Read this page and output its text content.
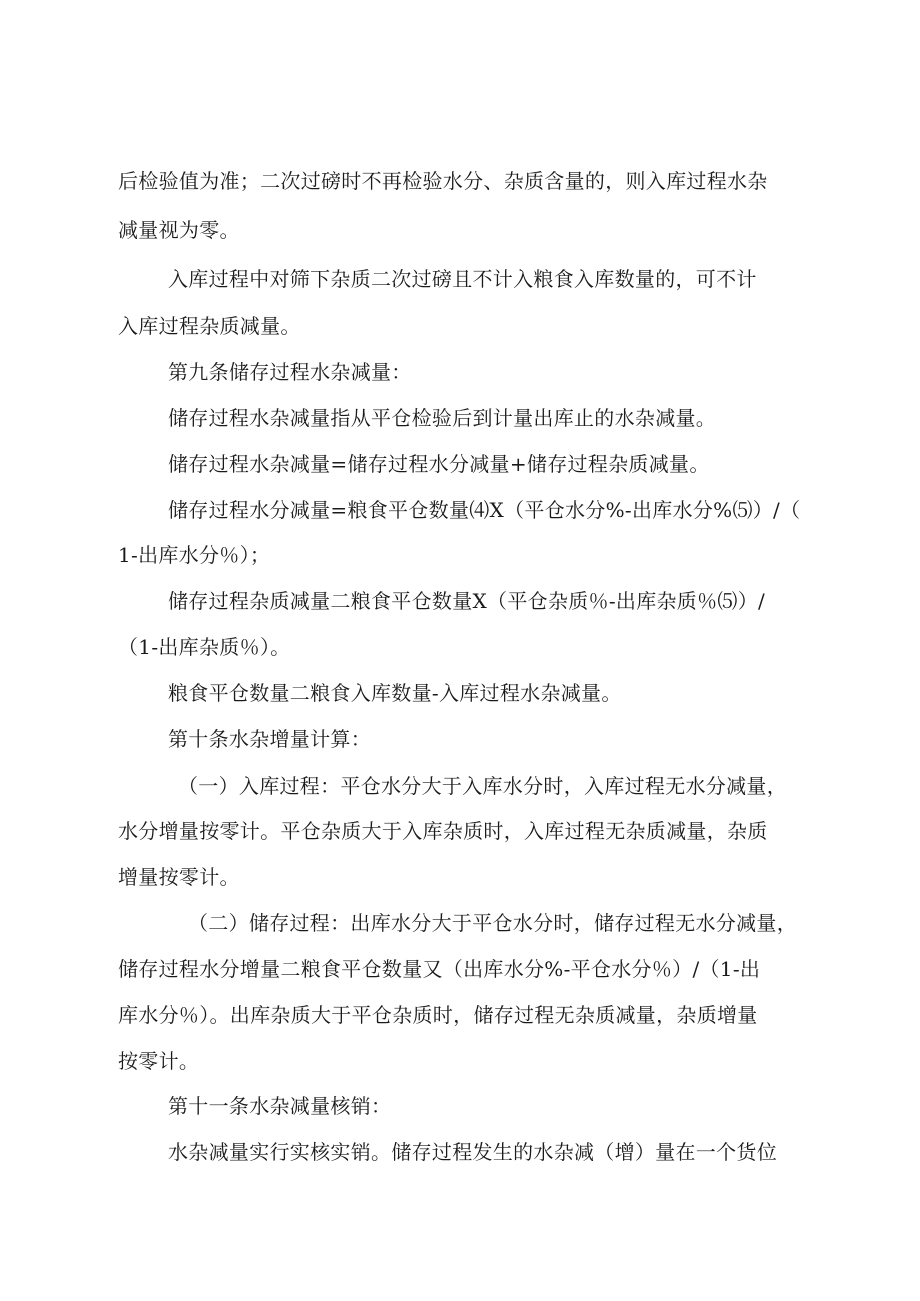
后检验值为准；二次过磅时不再检验水分、杂质含量的，则入库过程水杂
减量视为零。
入库过程中对筛下杂质二次过磅且不计入粮食入库数量的，可不计
入库过程杂质减量。
第九条储存过程水杂减量：
储存过程水杂减量指从平仓检验后到计量出库止的水杂减量。
储存过程水杂减量=储存过程水分减量+储存过程杂质减量。
储存过程水分减量=粮食平仓数量⑷X（平仓水分%-出库水分%⑸）/（
1-出库水分％）；
储存过程杂质减量二粮食平仓数量X（平仓杂质％-出库杂质％⑸）/
（1-出库杂质％）。
粮食平仓数量二粮食入库数量-入库过程水杂减量。
第十条水杂增量计算：
（一）入库过程：平仓水分大于入库水分时，入库过程无水分减量，
水分增量按零计。平仓杂质大于入库杂质时，入库过程无杂质减量，杂质
增量按零计。
（二）储存过程：出库水分大于平仓水分时，储存过程无水分减量，
储存过程水分增量二粮食平仓数量又（出库水分%-平仓水分％）/（1-出
库水分％）。出库杂质大于平仓杂质时，储存过程无杂质减量，杂质增量
按零计。
第十一条水杂减量核销：
水杂减量实行实核实销。储存过程发生的水杂减（增）量在一个货位
